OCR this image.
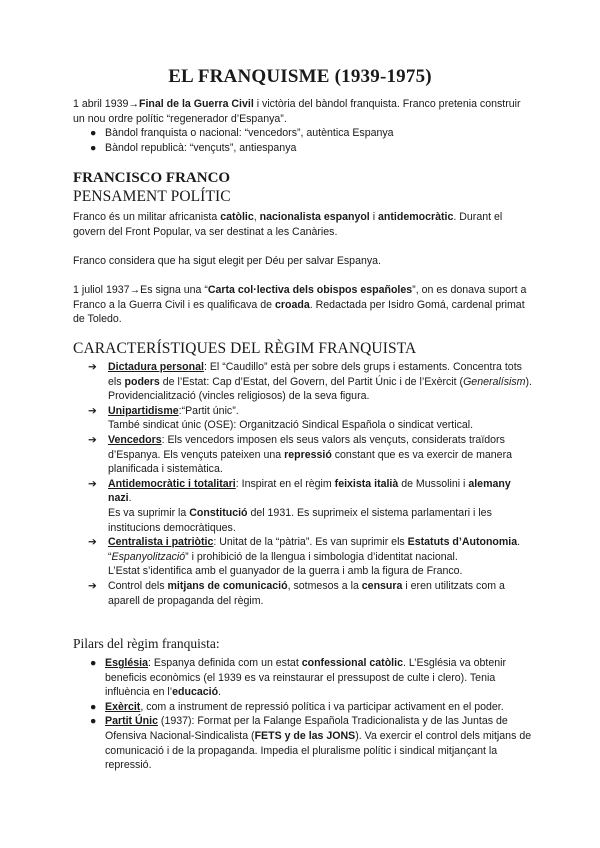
EL FRANQUISME (1939-1975)

1 abril 1939→Final de la Guerra Civil i victòria del bàndol franquista. Franco pretenia construir un nou ordre polític “regenerador d’Espanya”.

● Bàndol franquista o nacional: “vencedors”, autèntica Espanya
● Bàndol republicà: “vençuts”, antiespanya
FRANCISCO FRANCO
PENSAMENT POLÍTIC

Franco és un militar africanista catòlic, nacionalista espanyol i antidemocràtic. Durant el govern del Front Popular, va ser destinat a les Canàries.

Franco considera que ha sigut elegit per Déu per salvar Espanya.

1 juliol 1937→Es signa una “Carta col·lectiva dels obispos españoles”, on es donava suport a Franco a la Guerra Civil i es qualificava de croada. Redactada per Isidro Gomá, cardenal primat de Toledo.

CARACTERÍSTIQUES DEL RÈGIM FRANQUISTA
➔ Dictadura personal: El “Caudillo” està per sobre dels grups i estaments. Concentra tots els poders de l’Estat: Cap d’Estat, del Govern, del Partit Únic i de l’Exèrcit (Generalísism). Providencialització (vincles religiosos) de la seva figura.
➔ Unipartidisme:“Partit únic”.
També sindicat únic (OSE): Organització Sindical Española o sindicat vertical.
➔ Vencedors: Els vencedors imposen els seus valors als vençuts, considerats traïdors d’Espanya. Els vençuts pateixen una repressió constant que es va exercir de manera planificada i sistemàtica.
➔ Antidemocràtic i totalitari: Inspirat en el règim feixista italià de Mussolini i alemany nazi.
Es va suprimir la Constitució del 1931. Es suprimeix el sistema parlamentari i les institucions democràtiques.
➔ Centralista i patriòtic: Unitat de la “pàtria”. Es van suprimir els Estatuts d’Autonomia. “Espanyolització” i prohibició de la llengua i simbologia d’identitat nacional.
L’Estat s’identifica amb el guanyador de la guerra i amb la figura de Franco.
➔ Control dels mitjans de comunicació, sotmesos a la censura i eren utilitzats com a aparell de propaganda del règim.
Pilars del règim franquista:
● Església: Espanya definida com un estat confessional catòlic. L’Església va obtenir beneficis econòmics (el 1939 es va reinstaurar el pressupost de culte i clero). Tenia influència en l’educació.
● Exèrcit, com a instrument de repressió política i va participar activament en el poder.
● Partit Únic (1937): Format per la Falange Española Tradicionalista y de las Juntas de Ofensiva Nacional-Sindicalista (FETS y de las JONS). Va exercir el control dels mitjans de comunicació i de la propaganda. Impedia el pluralisme polític i sindical mitjançant la repressió.
